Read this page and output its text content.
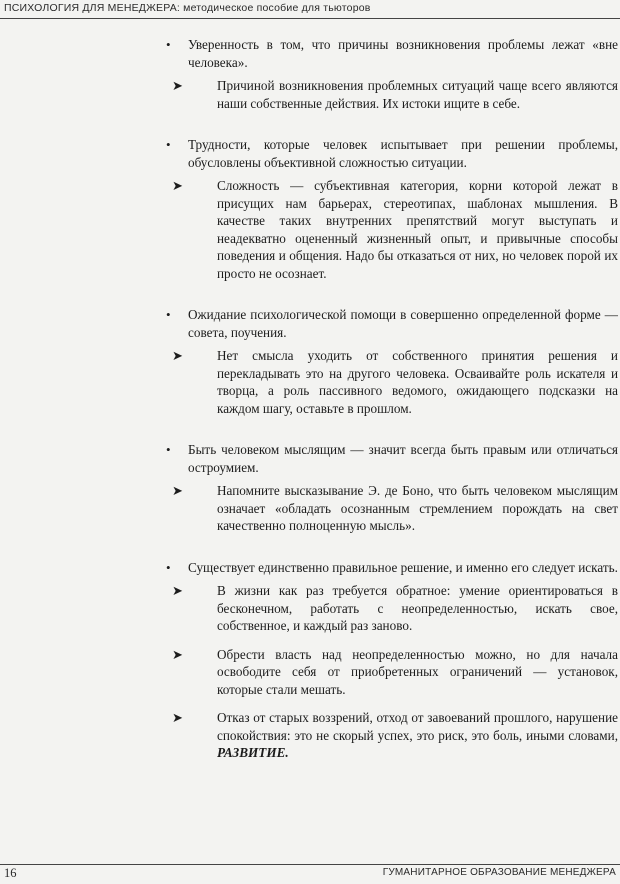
ПСИХОЛОГИЯ ДЛЯ МЕНЕДЖЕРА: методическое пособие для тьюторов
• Уверенность в том, что причины возникновения проблемы лежат «вне человека».
➤	Причиной возникновения проблемных ситуаций чаще всего являются наши собственные действия. Их истоки ищите в себе.
• Трудности, которые человек испытывает при решении проблемы, обусловлены объективной сложностью ситуации.
➤	Сложность — субъективная категория, корни которой лежат в присущих нам барьерах, стереотипах, шаблонах мышления. В качестве таких внутренних препятствий могут выступать и неадекватно оцененный жизненный опыт, и привычные способы поведения и общения. Надо бы отказаться от них, но человек порой их просто не осознает.
• Ожидание психологической помощи в совершенно определенной форме — совета, поучения.
➤	Нет смысла уходить от собственного принятия решения и перекладывать это на другого человека. Осваивайте роль искателя и творца, а роль пассивного ведомого, ожидающего подсказки на каждом шагу, оставьте в прошлом.
• Быть человеком мыслящим — значит всегда быть правым или отличаться остроумием.
➤	Напомните высказывание Э. де Боно, что быть человеком мыслящим означает «обладать осознанным стремлением порождать на свет качественно полноценную мысль».
• Существует единственно правильное решение, и именно его следует искать.
➤	В жизни как раз требуется обратное: умение ориентироваться в бесконечном, работать с неопределенностью, искать свое, собственное, и каждый раз заново.
➤	Обрести власть над неопределенностью можно, но для начала освободите себя от приобретенных ограничений — установок, которые стали мешать.
➤	Отказ от старых воззрений, отход от завоеваний прошлого, нарушение спокойствия: это не скорый успех, это риск, это боль, иными словами, РАЗВИТИЕ.
16	ГУМАНИТАРНОЕ ОБРАЗОВАНИЕ МЕНЕДЖЕРА
